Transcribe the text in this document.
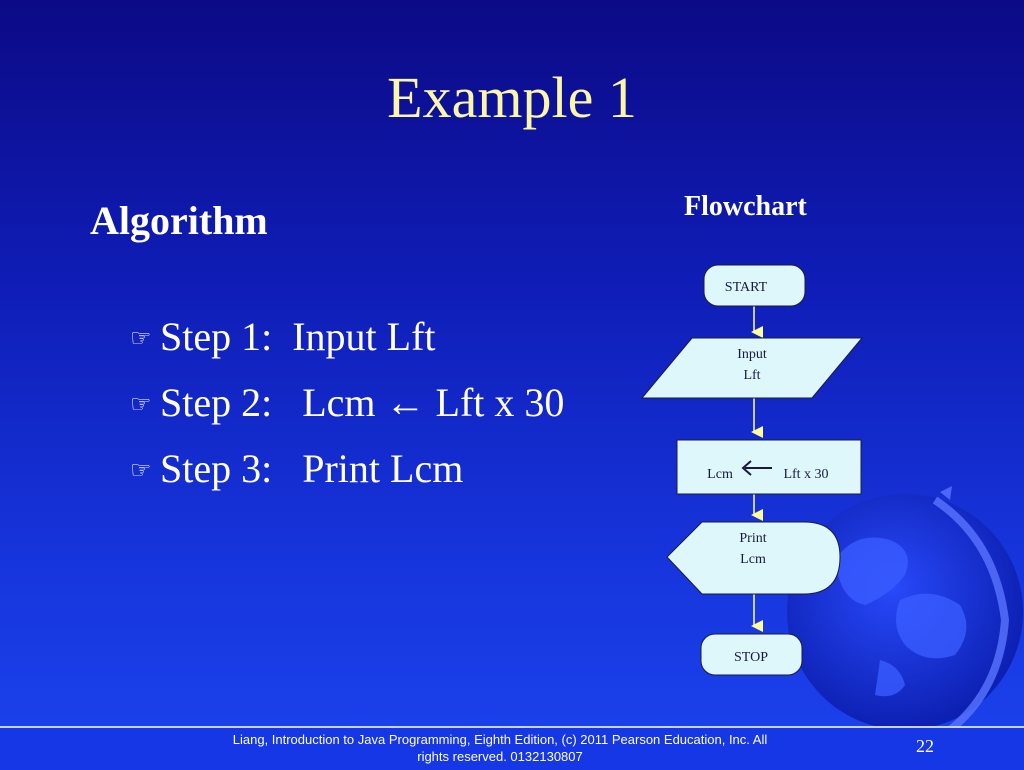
Example 1
Algorithm

☞ Step 1:  Input Lft

☞ Step 2:   Lcm ← Lft x 30

☞ Step 3:   Print Lcm

Flowchart
START
Input
Lft
Lcm	Lft x 30
Print
Lcm
STOP
Liang, Introduction to Java Programming, Eighth Edition, (c) 2011 Pearson Education, Inc. All
rights reserved. 0132130807
22
